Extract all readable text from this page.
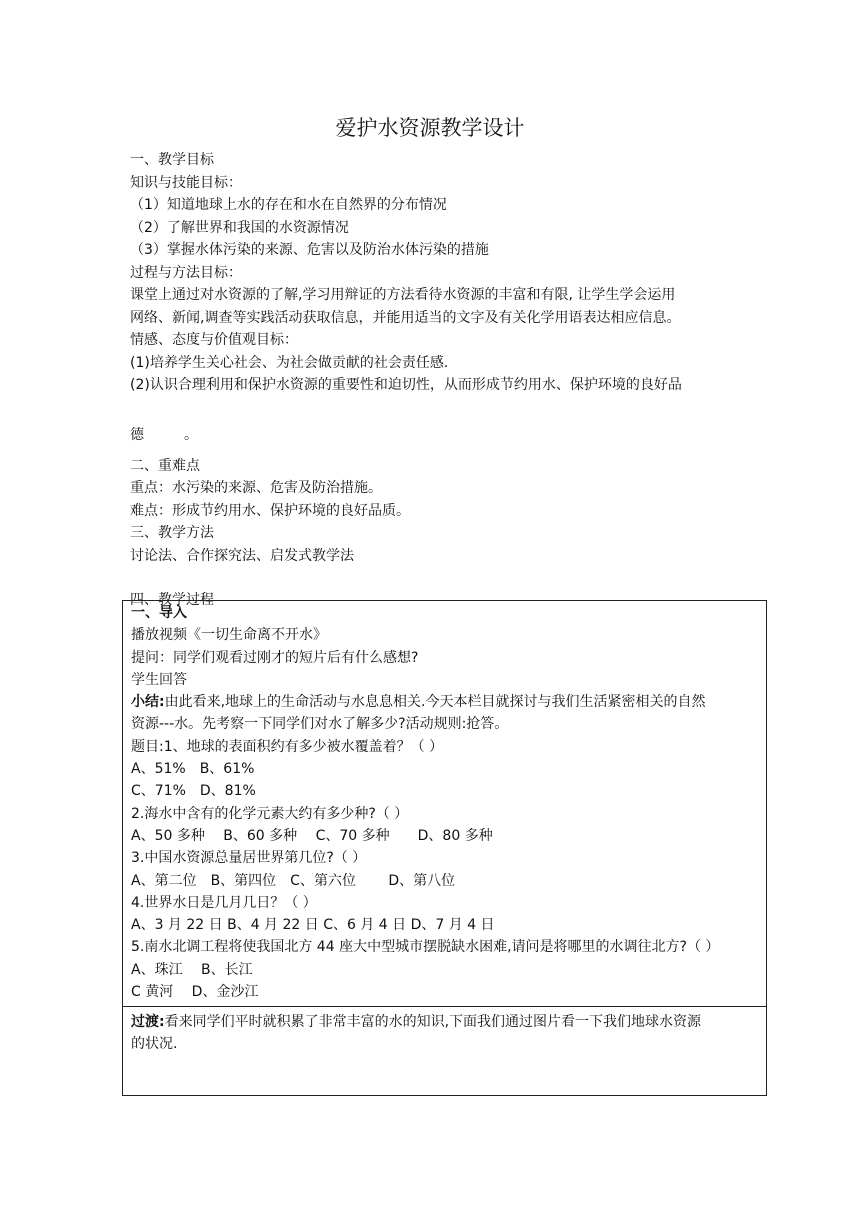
爱护水资源教学设计
一、教学目标
知识与技能目标：
（1）知道地球上水的存在和水在自然界的分布情况
（2）了解世界和我国的水资源情况
（3）掌握水体污染的来源、危害以及防治水体污染的措施
过程与方法目标：
课堂上通过对水资源的了解,学习用辩证的方法看待水资源的丰富和有限, 让学生学会运用
网络、新闻,调查等实践活动获取信息，并能用适当的文字及有关化学用语表达相应信息。
情感、态度与价值观目标：
(1)培养学生关心社会、为社会做贡献的社会责任感.
(2)认识合理利用和保护水资源的重要性和迫切性，从而形成节约用水、保护环境的良好品
德	。
二、重难点
重点：水污染的来源、危害及防治措施。
难点：形成节约用水、保护环境的良好品质。
三、教学方法
讨论法、合作探究法、启发式教学法
四、教学过程
一、导入
播放视频《一切生命离不开水》
提问：同学们观看过刚才的短片后有什么感想?
学生回答
小结:由此看来,地球上的生命活动与水息息相关.今天本栏目就探讨与我们生活紧密相关的自然
资源---水。先考察一下同学们对水了解多少?活动规则:抢答。
题目:1、地球的表面积约有多少被水覆盖着？（ ）
A、51%　B、61%
C、71%　D、81%
2.海水中含有的化学元素大约有多少种?（ ）
A、50 多种　 B、60 多种　 C、70 多种　　D、80 多种
3.中国水资源总量居世界第几位?（ ）
A、第二位　B、第四位　C、第六位　　 D、第八位
4.世界水日是几月几日？（ ）
A、3 月 22 日 B、4 月 22 日 C、6 月 4 日 D、7 月 4 日
5.南水北调工程将使我国北方 44 座大中型城市摆脱缺水困难,请问是将哪里的水调往北方?（ ）
A、珠江　 B、长江
C 黄河　 D、金沙江
过渡:看来同学们平时就积累了非常丰富的水的知识,下面我们通过图片看一下我们地球水资源
的状况.
